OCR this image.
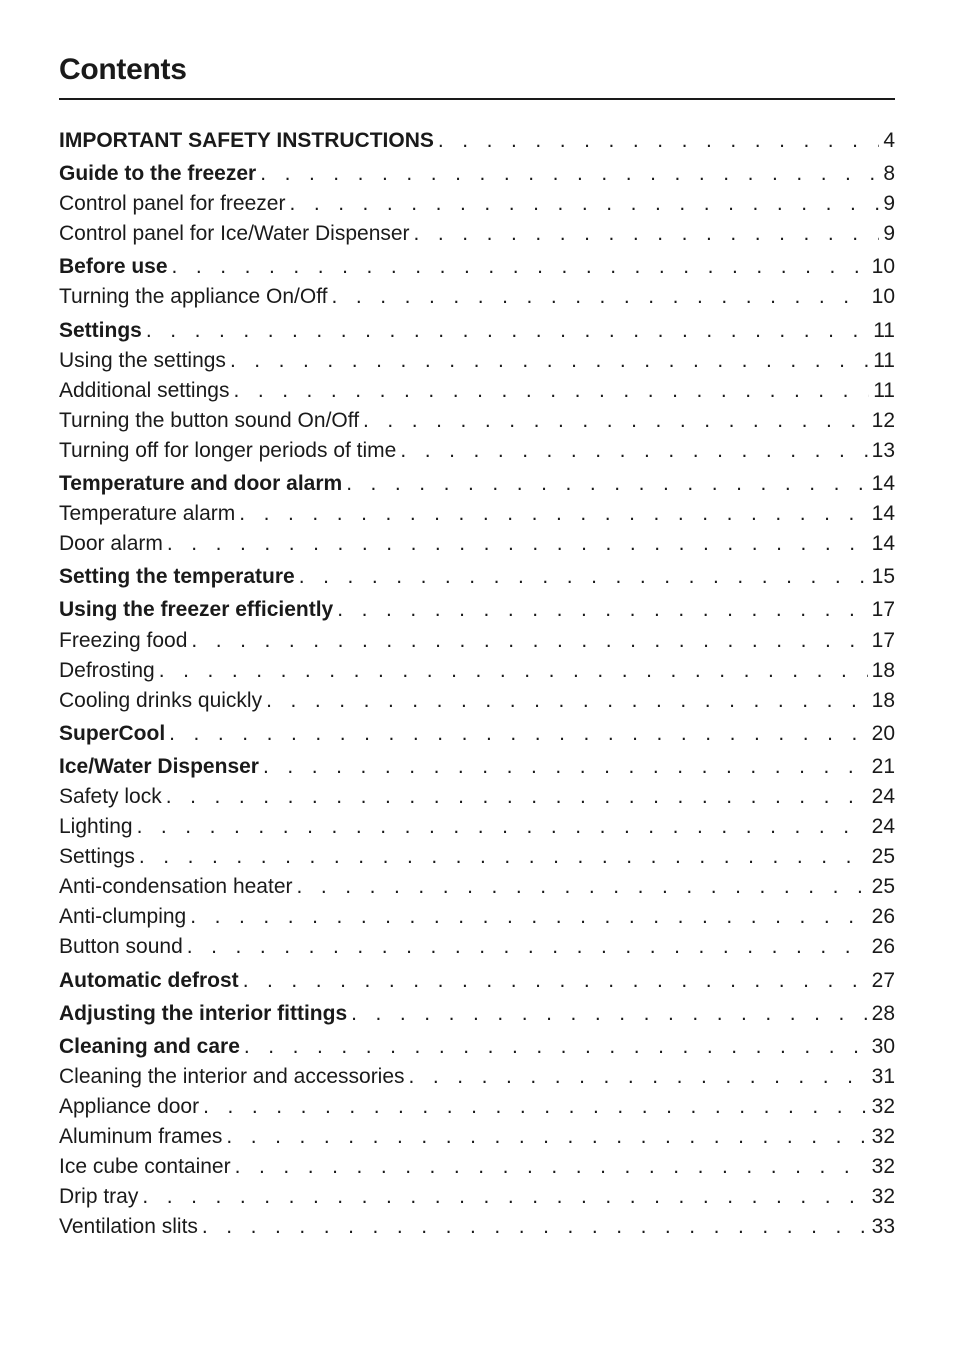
Contents
IMPORTANT SAFETY INSTRUCTIONS . . .	4
Guide to the freezer . . .	8
Control panel for freezer . . .	9
Control panel for Ice/Water Dispenser . . .	9
Before use . . .	10
Turning the appliance On/Off . . .	10
Settings . . .	11
Using the settings . . .	11
Additional settings . . .	11
Turning the button sound On/Off . . .	12
Turning off for longer periods of time . . .	13
Temperature and door alarm . . .	14
Temperature alarm . . .	14
Door alarm . . .	14
Setting the temperature . . .	15
Using the freezer efficiently . . .	17
Freezing food . . .	17
Defrosting . . .	18
Cooling drinks quickly . . .	18
SuperCool . . .	20
Ice/Water Dispenser . . .	21
Safety lock . . .	24
Lighting . . .	24
Settings . . .	25
Anti-condensation heater . . .	25
Anti-clumping . . .	26
Button sound . . .	26
Automatic defrost . . .	27
Adjusting the interior fittings . . .	28
Cleaning and care . . .	30
Cleaning the interior and accessories . . .	31
Appliance door . . .	32
Aluminum frames . . .	32
Ice cube container . . .	32
Drip tray . . .	32
Ventilation slits . . .	33
